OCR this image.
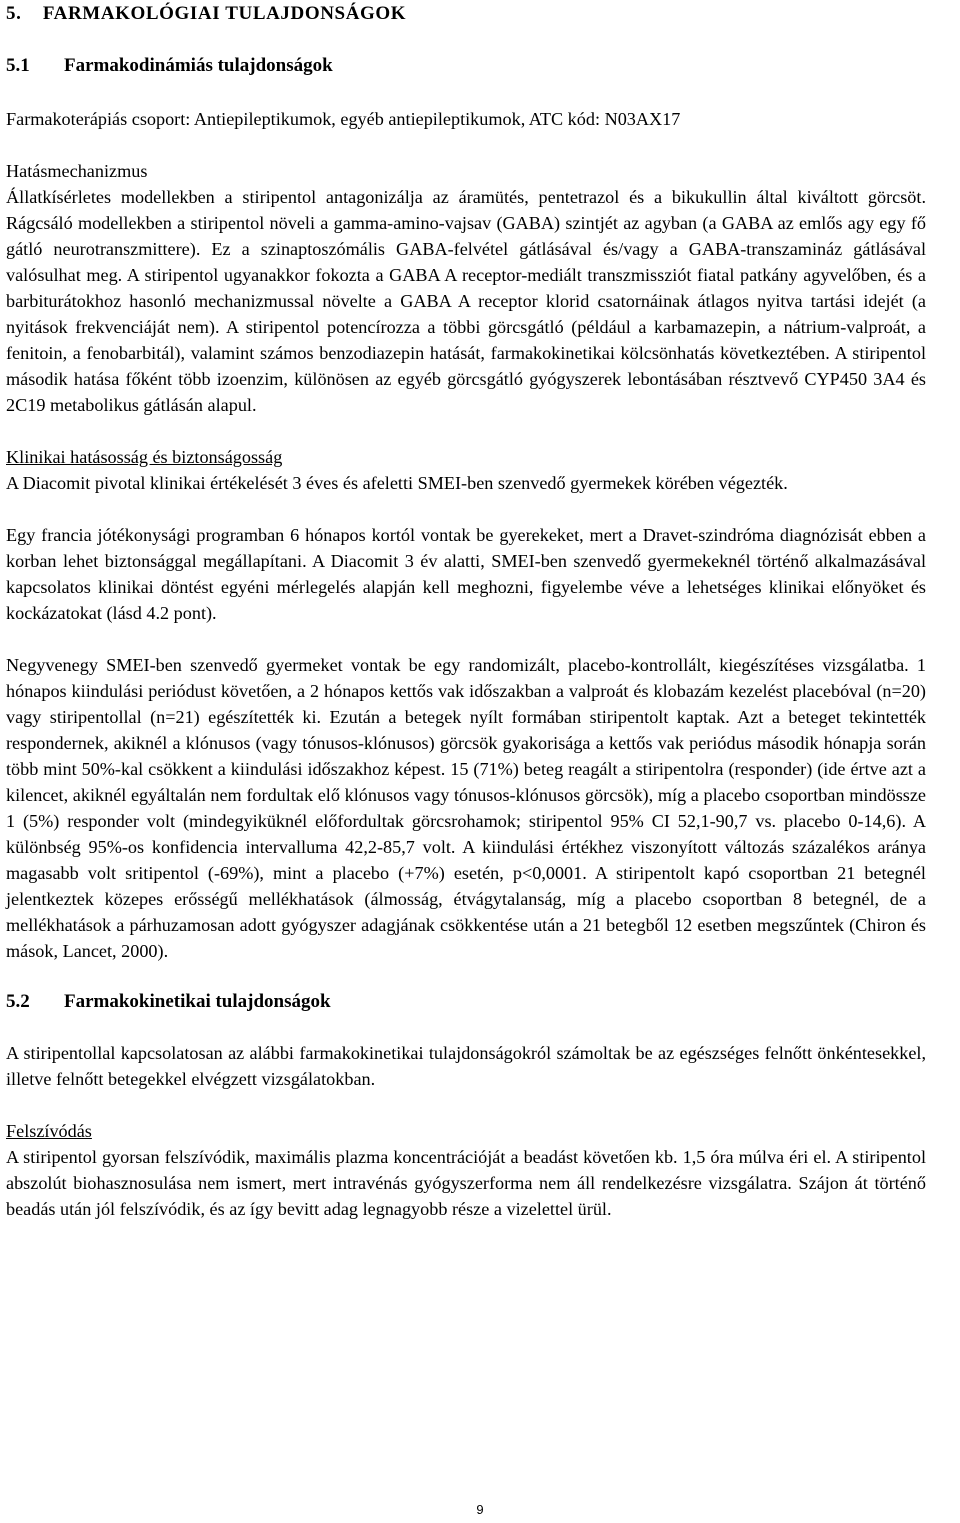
5.    FARMAKOLÓGIAI TULAJDONSÁGOK
5.1	Farmakodinámiás tulajdonságok

Farmakoterápiás csoport: Antiepileptikumok, egyéb antiepileptikumok, ATC kód: N03AX17

Hatásmechanizmus
Állatkísérletes modellekben a stiripentol antagonizálja az áramütés, pentetrazol és a bikukullin által kiváltott görcsöt. Rágcsáló modellekben a stiripentol növeli a gamma-amino-vajsav (GABA) szintjét az agyban (a GABA az emlős agy egy fő gátló neurotranszmittere). Ez a szinaptoszómális GABA-felvétel gátlásával és/vagy a GABA-transzamináz gátlásával valósulhat meg. A stiripentol ugyanakkor fokozta a GABA A receptor-mediált transzmissziót fiatal patkány agyvelőben, és a barbiturátokhoz hasonló mechanizmussal növelte a GABA A receptor klorid csatornáinak átlagos nyitva tartási idejét (a nyitások frekvenciáját nem). A stiripentol potencírozza a többi görcsgátló (például a karbamazepin, a nátrium-valproát, a fenitoin, a fenobarbitál), valamint számos benzodiazepin hatását, farmakokinetikai kölcsönhatás következtében. A stiripentol második hatása főként több izoenzim, különösen az egyéb görcsgátló gyógyszerek lebontásában résztvevő CYP450 3A4 és 2C19 metabolikus gátlásán alapul.

Klinikai hatásosság és biztonságosság
A Diacomit pivotal klinikai értékelését 3 éves és afeletti SMEI-ben szenvedő gyermekek körében végezték.

Egy francia jótékonysági programban 6 hónapos kortól vontak be gyerekeket, mert a Dravet-szindróma diagnózisát ebben a korban lehet biztonsággal megállapítani. A Diacomit 3 év alatti, SMEI-ben szenvedő gyermekeknél történő alkalmazásával kapcsolatos klinikai döntést egyéni mérlegelés alapján kell meghozni, figyelembe véve a lehetséges klinikai előnyöket és kockázatokat (lásd 4.2 pont).

Negyvenegy SMEI-ben szenvedő gyermeket vontak be egy randomizált, placebo-kontrollált, kiegészítéses vizsgálatba. 1 hónapos kiindulási periódust követően, a 2 hónapos kettős vak időszakban a valproát és klobazám kezelést placebóval (n=20) vagy stiripentollal (n=21) egészítették ki. Ezután a betegek nyílt formában stiripentolt kaptak. Azt a beteget tekintették respondernek, akiknél a klónusos (vagy tónusos-klónusos) görcsök gyakorisága a kettős vak periódus második hónapja során több mint 50%-kal csökkent a kiindulási időszakhoz képest. 15 (71%) beteg reagált a stiripentolra (responder) (ide értve azt a kilencet, akiknél egyáltalán nem fordultak elő klónusos vagy tónusos-klónusos görcsök), míg a placebo csoportban mindössze 1 (5%) responder volt (mindegyiküknél előfordultak görcsrohamok; stiripentol 95% CI 52,1-90,7 vs. placebo 0-14,6). A különbség 95%-os konfidencia intervalluma 42,2-85,7 volt. A kiindulási értékhez viszonyított változás százalékos aránya magasabb volt sritipentol (-69%), mint a placebo (+7%) esetén, p<0,0001. A stiripentolt kapó csoportban 21 betegnél jelentkeztek közepes erősségű mellékhatások (álmosság, étvágytalanság, míg a placebo csoportban 8 betegnél, de a mellékhatások a párhuzamosan adott gyógyszer adagjának csökkentése után a 21 betegből 12 esetben megszűntek (Chiron és mások, Lancet, 2000).

5.2	Farmakokinetikai tulajdonságok

A stiripentollal kapcsolatosan az alábbi farmakokinetikai tulajdonságokról számoltak be az egészséges felnőtt önkéntesekkel, illetve felnőtt betegekkel elvégzett vizsgálatokban.

Felszívódás
A stiripentol gyorsan felszívódik, maximális plazma koncentrációját a beadást követően kb. 1,5 óra múlva éri el. A stiripentol abszolút biohasznosulása nem ismert, mert intravénás gyógyszerforma nem áll rendelkezésre vizsgálatra. Szájon át történő beadás után jól felszívódik, és az így bevitt adag legnagyobb része a vizelettel ürül.

9
